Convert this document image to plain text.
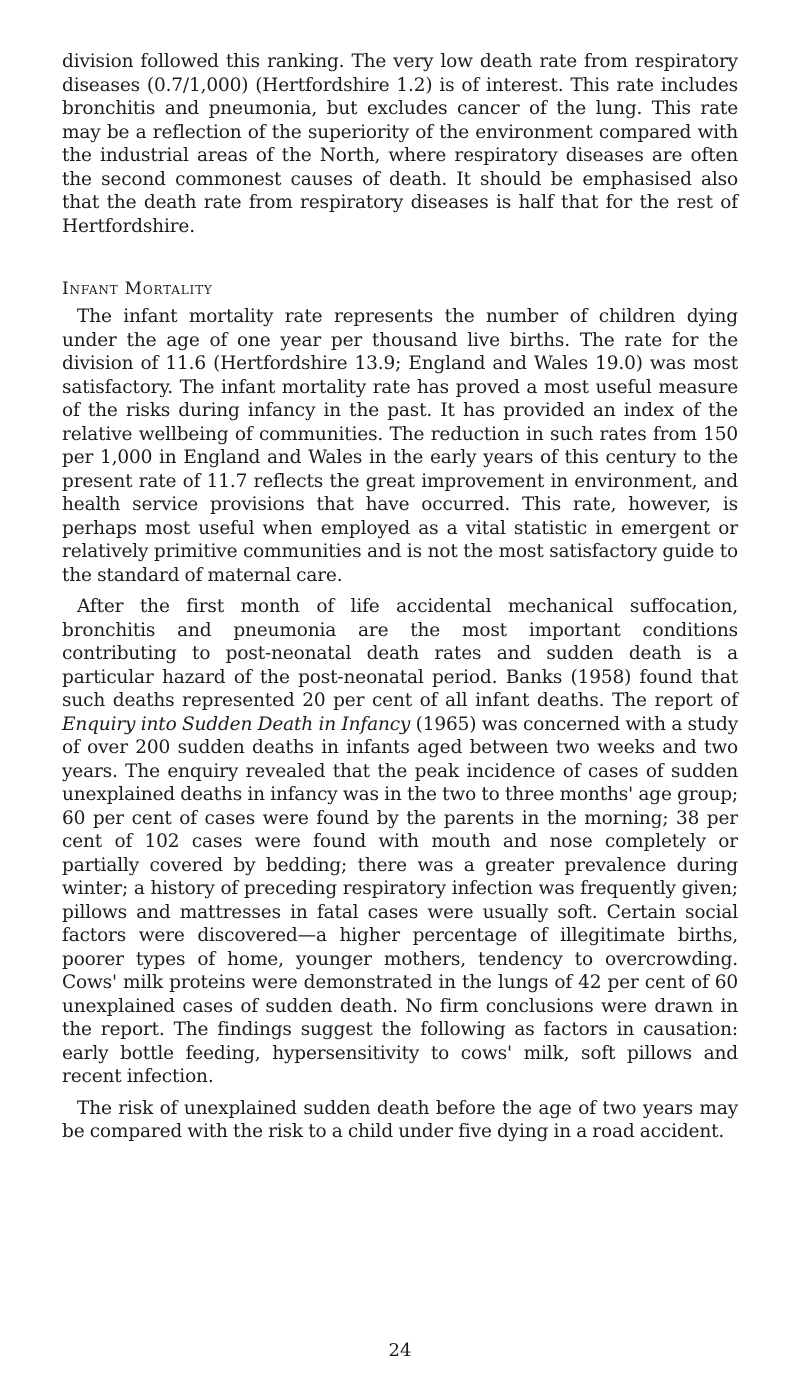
division followed this ranking. The very low death rate from respiratory diseases (0.7/1,000) (Hertfordshire 1.2) is of interest. This rate includes bronchitis and pneumonia, but excludes cancer of the lung. This rate may be a reflection of the superiority of the environment compared with the industrial areas of the North, where respiratory diseases are often the second commonest causes of death. It should be emphasised also that the death rate from respiratory diseases is half that for the rest of Hertfordshire.

Infant Mortality

The infant mortality rate represents the number of children dying under the age of one year per thousand live births. The rate for the division of 11.6 (Hertfordshire 13.9; England and Wales 19.0) was most satisfactory. The infant mortality rate has proved a most useful measure of the risks during infancy in the past. It has provided an index of the relative wellbeing of communities. The reduction in such rates from 150 per 1,000 in England and Wales in the early years of this century to the present rate of 11.7 reflects the great improvement in environment, and health service provisions that have occurred. This rate, however, is perhaps most useful when employed as a vital statistic in emergent or relatively primitive communities and is not the most satisfactory guide to the standard of maternal care.

After the first month of life accidental mechanical suffocation, bronchitis and pneumonia are the most important conditions contributing to post-neonatal death rates and sudden death is a particular hazard of the post-neonatal period. Banks (1958) found that such deaths represented 20 per cent of all infant deaths. The report of Enquiry into Sudden Death in Infancy (1965) was concerned with a study of over 200 sudden deaths in infants aged between two weeks and two years. The enquiry revealed that the peak incidence of cases of sudden unexplained deaths in infancy was in the two to three months' age group; 60 per cent of cases were found by the parents in the morning; 38 per cent of 102 cases were found with mouth and nose completely or partially covered by bedding; there was a greater prevalence during winter; a history of preceding respiratory infection was frequently given; pillows and mattresses in fatal cases were usually soft. Certain social factors were discovered—a higher percentage of illegitimate births, poorer types of home, younger mothers, tendency to overcrowding. Cows' milk proteins were demonstrated in the lungs of 42 per cent of 60 unexplained cases of sudden death. No firm conclusions were drawn in the report. The findings suggest the following as factors in causation: early bottle feeding, hypersensitivity to cows' milk, soft pillows and recent infection.

The risk of unexplained sudden death before the age of two years may be compared with the risk to a child under five dying in a road accident.

24
